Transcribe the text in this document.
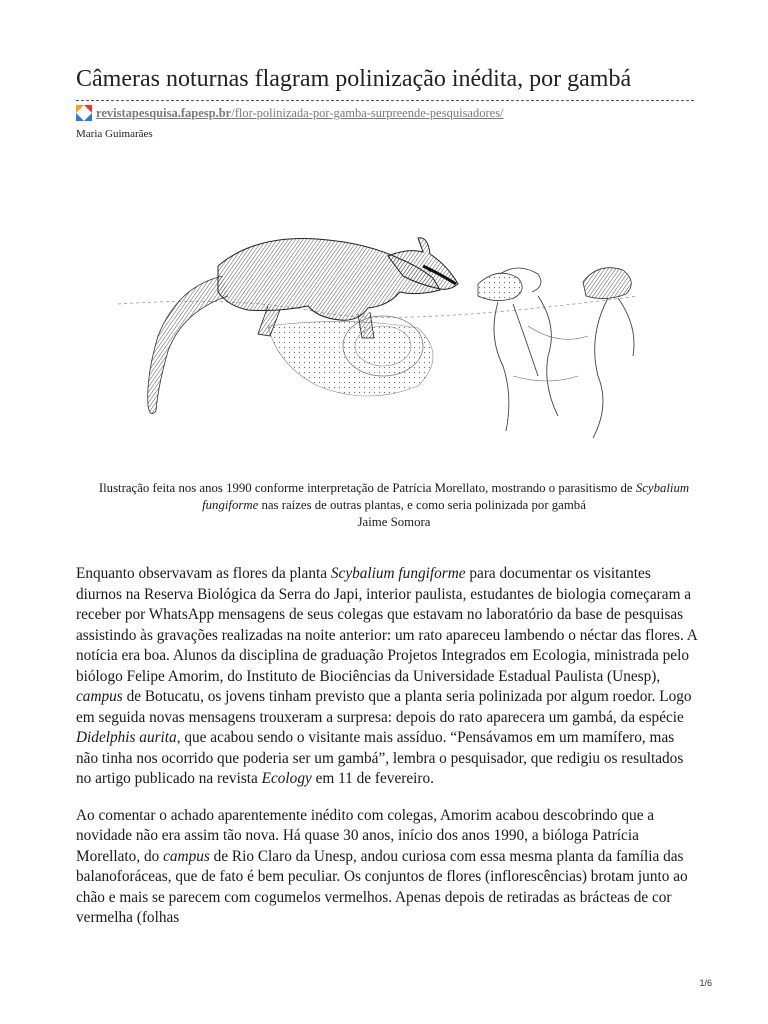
Câmeras noturnas flagram polinização inédita, por gambá
revistapesquisa.fapesp.br/flor-polinizada-por-gamba-surpreende-pesquisadores/
Maria Guimarães

Ilustração feita nos anos 1990 conforme interpretação de Patrícia Morellato, mostrando o parasitismo de Scybalium fungiforme nas raízes de outras plantas, e como seria polinizada por gambá

Jaime Somora

Enquanto observavam as flores da planta Scybalium fungiforme para documentar os visitantes diurnos na Reserva Biológica da Serra do Japi, interior paulista, estudantes de biologia começaram a receber por WhatsApp mensagens de seus colegas que estavam no laboratório da base de pesquisas assistindo às gravações realizadas na noite anterior: um rato apareceu lambendo o néctar das flores. A notícia era boa. Alunos da disciplina de graduação Projetos Integrados em Ecologia, ministrada pelo biólogo Felipe Amorim, do Instituto de Biociências da Universidade Estadual Paulista (Unesp), campus de Botucatu, os jovens tinham previsto que a planta seria polinizada por algum roedor. Logo em seguida novas mensagens trouxeram a surpresa: depois do rato aparecera um gambá, da espécie Didelphis aurita, que acabou sendo o visitante mais assíduo. “Pensávamos em um mamífero, mas não tinha nos ocorrido que poderia ser um gambá”, lembra o pesquisador, que redigiu os resultados no artigo publicado na revista Ecology em 11 de fevereiro.

Ao comentar o achado aparentemente inédito com colegas, Amorim acabou descobrindo que a novidade não era assim tão nova. Há quase 30 anos, início dos anos 1990, a bióloga Patrícia Morellato, do campus de Rio Claro da Unesp, andou curiosa com essa mesma planta da família das balanoforáceas, que de fato é bem peculiar. Os conjuntos de flores (inflorescências) brotam junto ao chão e mais se parecem com cogumelos vermelhos. Apenas depois de retiradas as brácteas de cor vermelha (folhas

1/6
